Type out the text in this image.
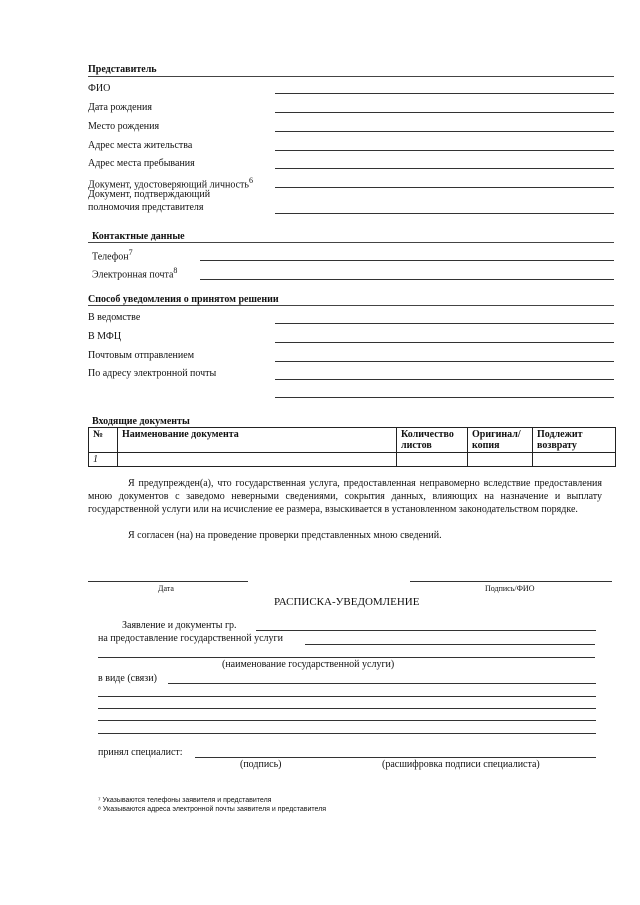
Представитель
ФИО
Дата рождения
Место рождения
Адрес места жительства
Адрес места пребывания
Документ, удостоверяющий личность$^6$
Документ, подтверждающий
полномочия представителя
Контактные данные
Телефон$^7$
Электронная почта$^8$
Способ уведомления о принятом решении
В ведомстве
В МФЦ
Почтовым отправлением
По адресу электронной почты
Входящие документы
№	Наименование документа	Количество листов	Оригинал/копия	Подлежит возврату
1				
Я предупрежден(а), что государственная услуга, предоставленная неправомерно вследствие предоставления мною документов с заведомо неверными сведениями, сокрытия данных, влияющих на назначение и выплату государственной услуги или на исчисление ее размера, взыскивается в установленном законодательством порядке.
Я согласен (на) на проведение проверки представленных мною сведений.
Дата	Подпись/ФИО
РАСПИСКА-УВЕДОМЛЕНИЕ
Заявление и документы гр.
на предоставление государственной услуги
(наименование государственной услуги)
в виде (связи)
принял специалист:
(подпись)	(расшифровка подписи специалиста)
⁷ Указываются телефоны заявителя и представителя
⁸ Указываются адреса электронной почты заявителя и представителя
